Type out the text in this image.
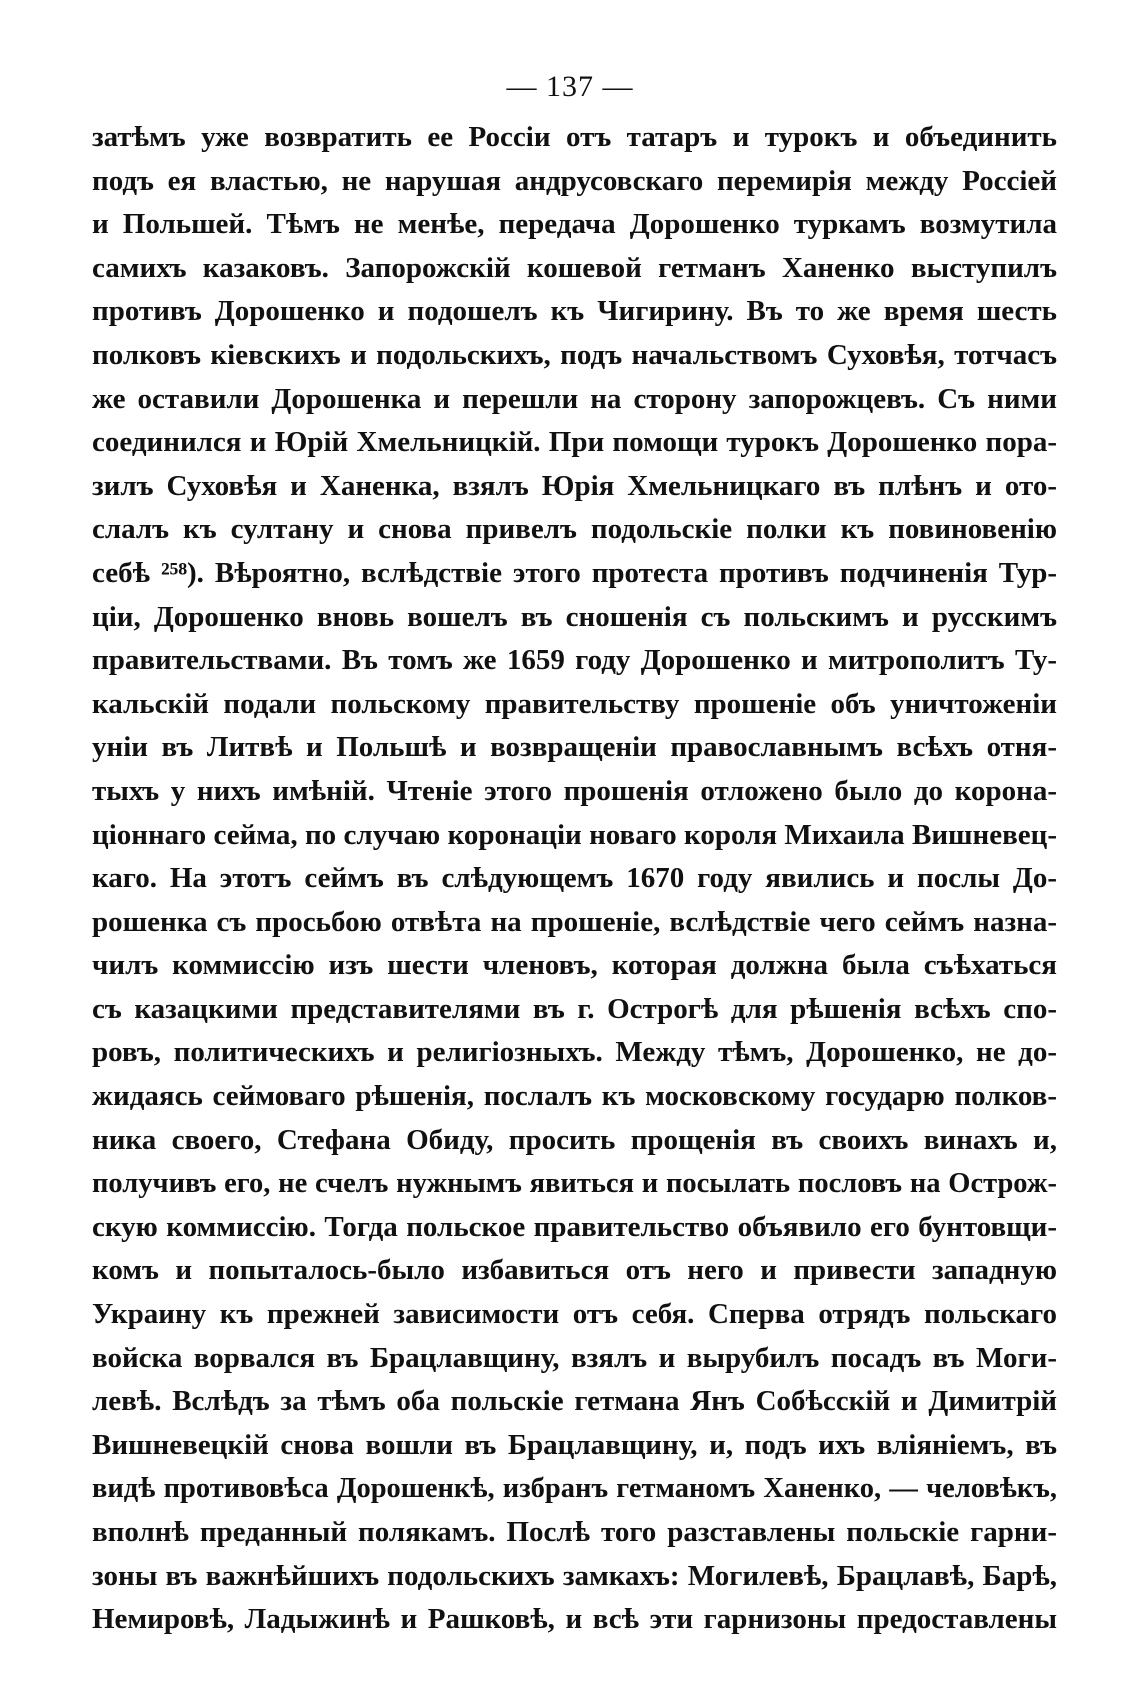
— 137 —
затѣмъ уже возвратить ее Россіи отъ татаръ и турокъ и объединить
подъ ея властью, не нарушая андрусовскаго перемирія между Россіей
и Польшей. Тѣмъ не менѣе, передача Дорошенко туркамъ возмутила
самихъ казаковъ. Запорожскій кошевой гетманъ Ханенко выступилъ
противъ Дорошенко и подошелъ къ Чигирину. Въ то же время шесть
полковъ кіевскихъ и подольскихъ, подъ начальствомъ Суховѣя, тотчасъ
же оставили Дорошенка и перешли на сторону запорожцевъ. Съ ними
соединился и Юрій Хмельницкій. При помощи турокъ Дорошенко пора-
зилъ Суховѣя и Ханенка, взялъ Юрія Хмельницкаго въ плѣнъ и ото-
слалъ къ султану и снова привелъ подольскіе полки къ повиновенію
себѣ ²⁵⁸). Вѣроятно, вслѣдствіе этого протеста противъ подчиненія Тур-
ціи, Дорошенко вновь вошелъ въ сношенія съ польскимъ и русскимъ
правительствами. Въ томъ же 1659 году Дорошенко и митрополитъ Ту-
кальскій подали польскому правительству прошеніе объ уничтоженіи
уніи въ Литвѣ и Польшѣ и возвращеніи православнымъ всѣхъ отня-
тыхъ у нихъ имѣній. Чтеніе этого прошенія отложено было до корона-
ціоннаго сейма, по случаю коронаціи новаго короля Михаила Вишневец-
каго. На этотъ сеймъ въ слѣдующемъ 1670 году явились и послы До-
рошенка съ просьбою отвѣта на прошеніе, вслѣдствіе чего сеймъ назна-
чилъ коммиссію изъ шести членовъ, которая должна была съѣхаться
съ казацкими представителями въ г. Острогѣ для рѣшенія всѣхъ спо-
ровъ, политическихъ и религіозныхъ. Между тѣмъ, Дорошенко, не до-
жидаясь сеймоваго рѣшенія, послалъ къ московскому государю полков-
ника своего, Стефана Обиду, просить прощенія въ своихъ винахъ и,
получивъ его, не счелъ нужнымъ явиться и посылать пословъ на Острож-
скую коммиссію. Тогда польское правительство объявило его бунтовщи-
комъ и попыталось-было избавиться отъ него и привести западную
Украину къ прежней зависимости отъ себя. Сперва отрядъ польскаго
войска ворвался въ Брацлавщину, взялъ и вырубилъ посадъ въ Моги-
левѣ. Вслѣдъ за тѣмъ оба польскіе гетмана Янъ Собѣсскій и Димитрій
Вишневецкій снова вошли въ Брацлавщину, и, подъ ихъ вліяніемъ, въ
видѣ противовѣса Дорошенкѣ, избранъ гетманомъ Ханенко, — человѣкъ,
вполнѣ преданный полякамъ. Послѣ того разставлены польскіе гарни-
зоны въ важнѣйшихъ подольскихъ замкахъ: Могилевѣ, Брацлавѣ, Барѣ,
Немировѣ, Ладыжинѣ и Рашковѣ, и всѣ эти гарнизоны предоставлены
